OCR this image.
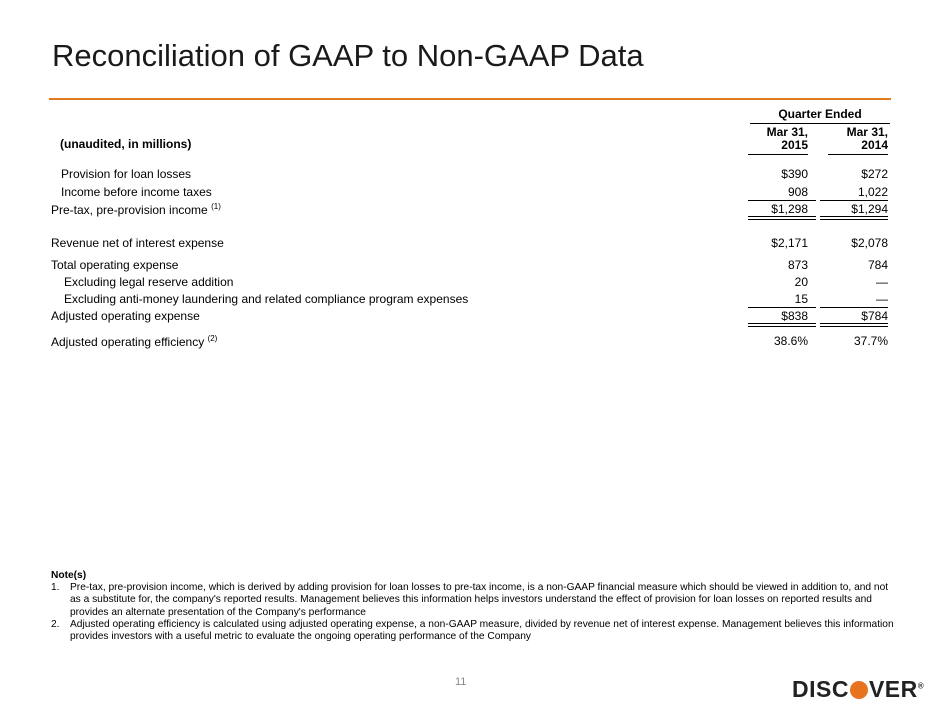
Reconciliation of GAAP to Non-GAAP Data
Quarter Ended
(unaudited, in millions)
Mar 31,
2015
Mar 31,
2014
Provision for loan losses	$390	$272
Income before income taxes	908	1,022
Pre-tax, pre-provision income $^{(1)}$	$1,298	$1,294
Revenue net of interest expense	$2,171	$2,078
Total operating expense	873	784
Excluding legal reserve addition	20	—
Excluding anti-money laundering and related compliance program expenses	15	—
Adjusted operating expense	$838	$784
Adjusted operating efficiency $^{(2)}$	38.6%	37.7%
Note(s)
1. Pre-tax, pre-provision income, which is derived by adding provision for loan losses to pre-tax income, is a non-GAAP financial measure which should be viewed in addition to, and not as a substitute for, the company's reported results. Management believes this information helps investors understand the effect of provision for loan losses on reported results and provides an alternate presentation of the Company's performance
2. Adjusted operating efficiency is calculated using adjusted operating expense, a non-GAAP measure, divided by revenue net of interest expense. Management believes this information provides investors with a useful metric to evaluate the ongoing operating performance of the Company
11	DISC VER®
